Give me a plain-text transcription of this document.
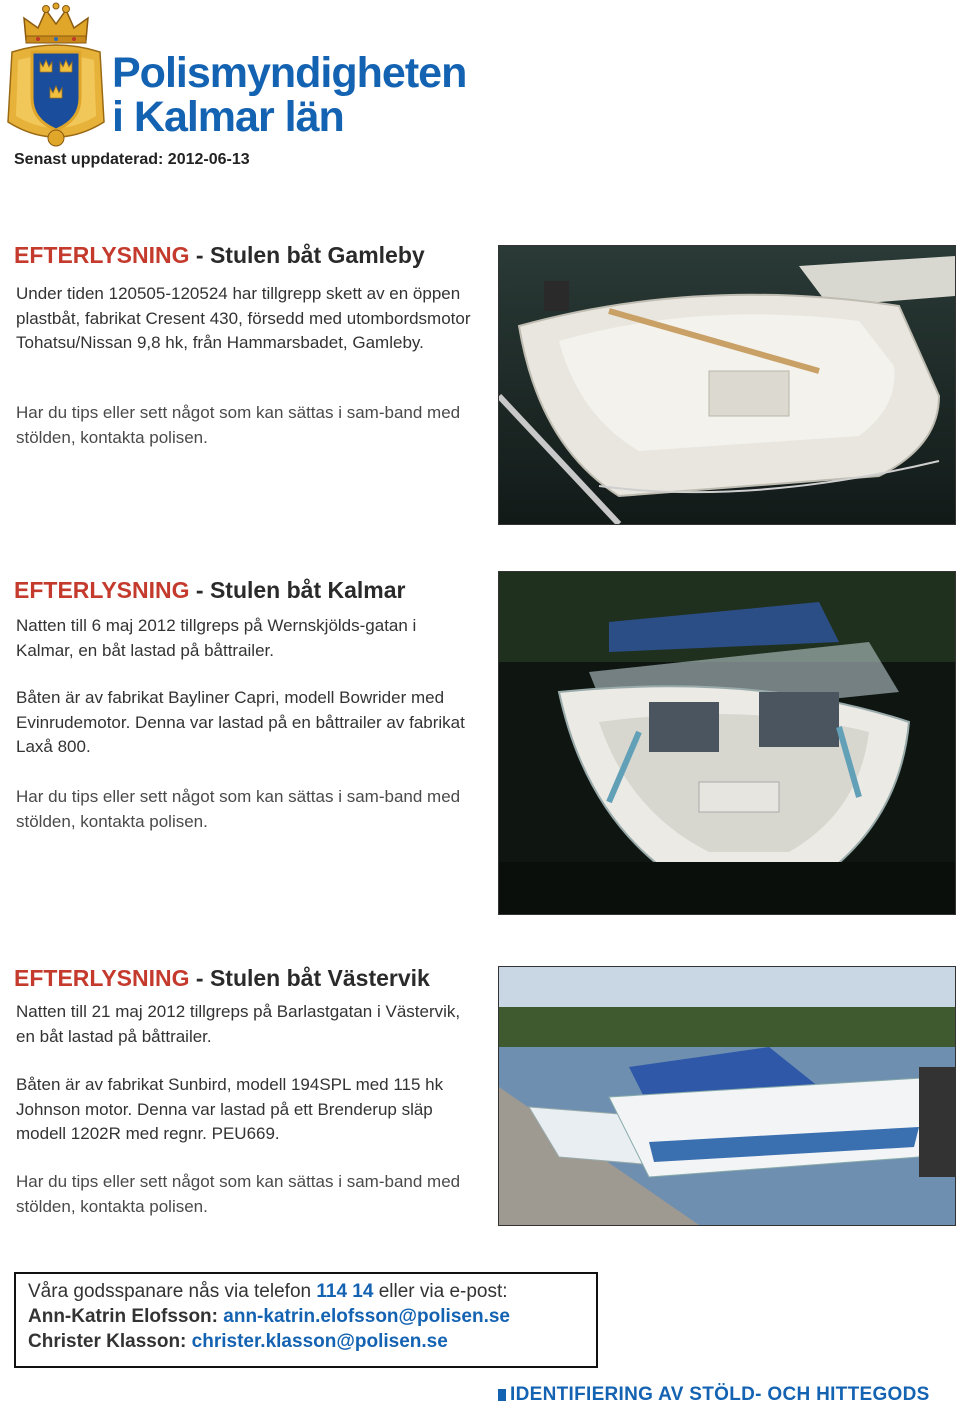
Polismyndigheten
i Kalmar län
Senast uppdaterad: 2012-06-13
EFTERLYSNING - Stulen båt Gamleby

Under tiden 120505-120524 har tillgrepp skett av en öppen plastbåt, fabrikat Cresent 430, försedd med utombordsmotor Tohatsu/Nissan 9,8 hk, från Hammarsbadet, Gamleby.

Har du tips eller sett något som kan sättas i sam-band med stölden, kontakta polisen.

EFTERLYSNING - Stulen båt Kalmar

Natten till 6 maj 2012 tillgreps på Wernskjölds-gatan i Kalmar, en båt lastad på båttrailer.

Båten är av fabrikat Bayliner Capri, modell Bowrider med Evinrudemotor. Denna var lastad på en båttrailer av fabrikat Laxå 800.

Har du tips eller sett något som kan sättas i sam-band med stölden, kontakta polisen.

EFTERLYSNING - Stulen båt Västervik

Natten till 21 maj 2012 tillgreps på Barlastgatan i Västervik, en båt lastad på båttrailer.

Båten är av fabrikat Sunbird, modell 194SPL med 115 hk Johnson motor. Denna var lastad på ett Brenderup släp modell 1202R med regnr. PEU669.

Har du tips eller sett något som kan sättas i sam-band med stölden, kontakta polisen.

Våra godsspanare nås via telefon 114 14 eller via e-post:
Ann-Katrin Elofsson: ann-katrin.elofsson@polisen.se
Christer Klasson: christer.klasson@polisen.se
IDENTIFIERING AV STÖLD- OCH HITTEGODS
